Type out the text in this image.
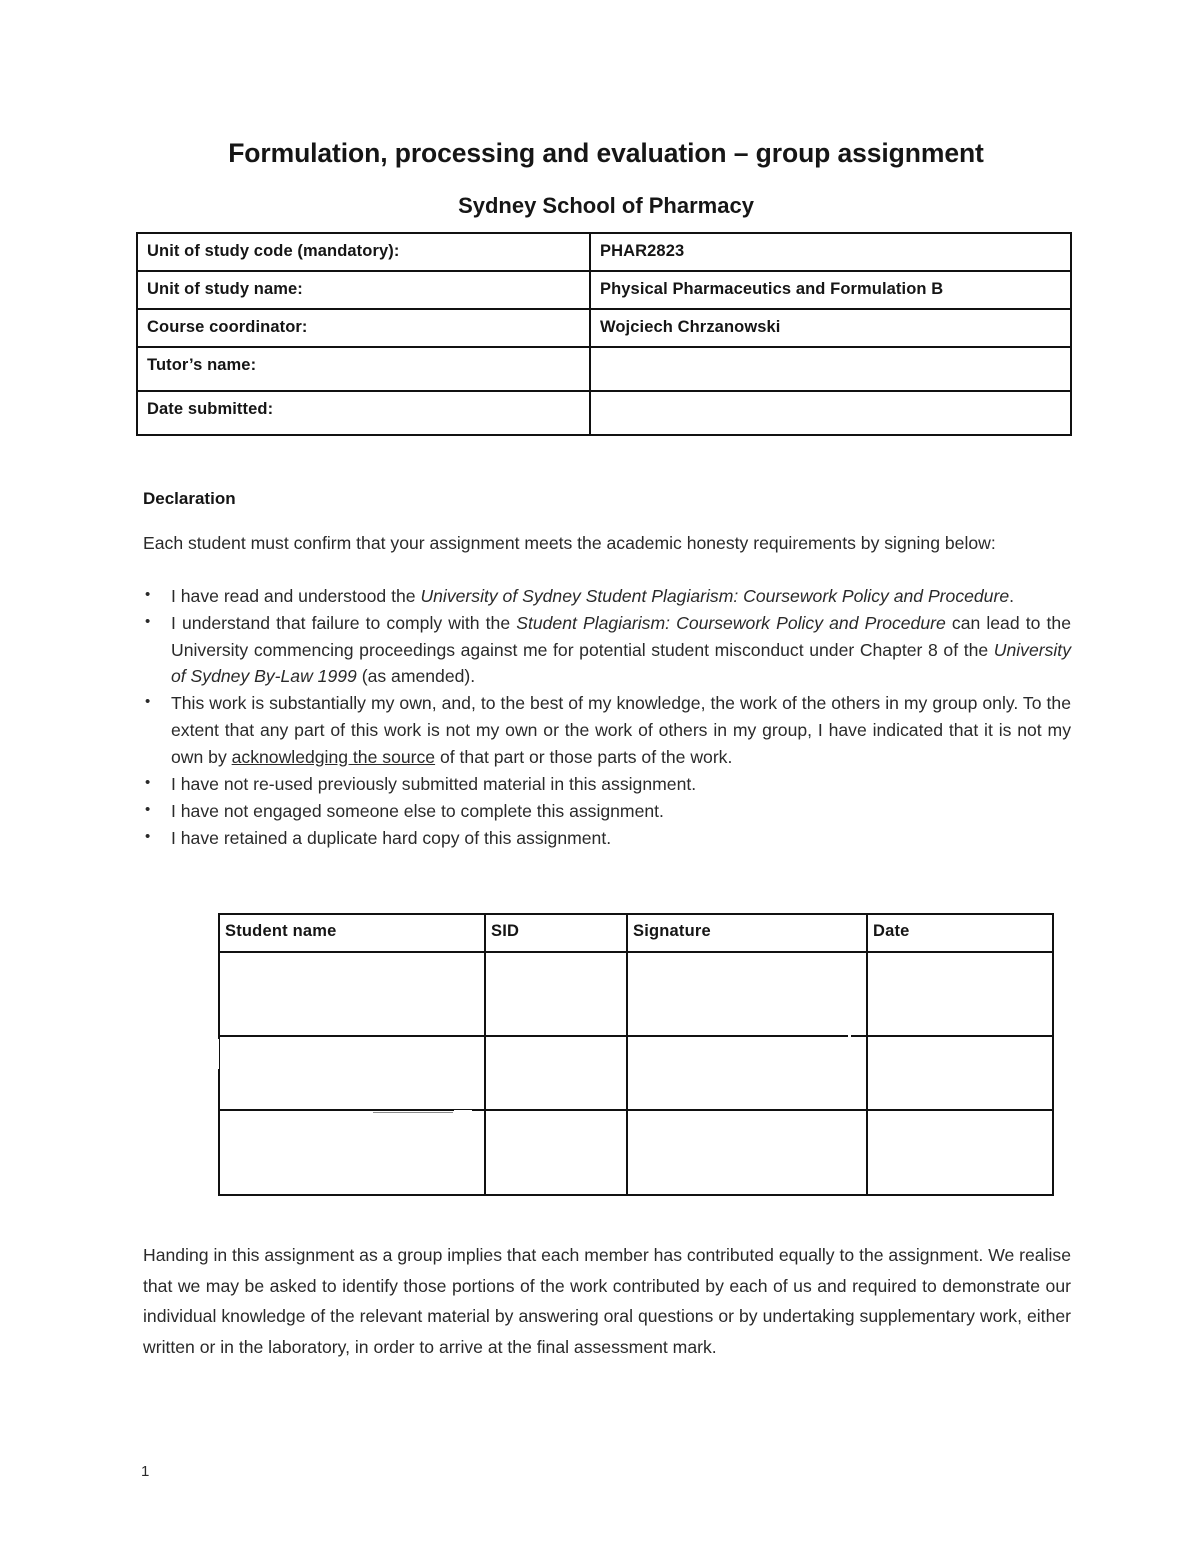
Formulation, processing and evaluation – group assignment
Sydney School of Pharmacy
Unit of study code (mandatory):	PHAR2823
Unit of study name:	Physical Pharmaceutics and Formulation B
Course coordinator:	Wojciech Chrzanowski
Tutor’s name:	
Date submitted:	
Declaration
Each student must confirm that your assignment meets the academic honesty requirements by signing below:
• I have read and understood the University of Sydney Student Plagiarism: Coursework Policy and Procedure.
• I understand that failure to comply with the Student Plagiarism: Coursework Policy and Procedure can lead to the University commencing proceedings against me for potential student misconduct under Chapter 8 of the University of Sydney By-Law 1999 (as amended).
• This work is substantially my own, and, to the best of my knowledge, the work of the others in my group only. To the extent that any part of this work is not my own or the work of others in my group, I have indicated that it is not my own by acknowledging the source of that part or those parts of the work.
• I have not re-used previously submitted material in this assignment.
• I have not engaged someone else to complete this assignment.
• I have retained a duplicate hard copy of this assignment.
Student name	SID	Signature	Date

Handing in this assignment as a group implies that each member has contributed equally to the assignment. We realise that we may be asked to identify those portions of the work contributed by each of us and required to demonstrate our individual knowledge of the relevant material by answering oral questions or by undertaking supplementary work, either written or in the laboratory, in order to arrive at the final assessment mark.
1
